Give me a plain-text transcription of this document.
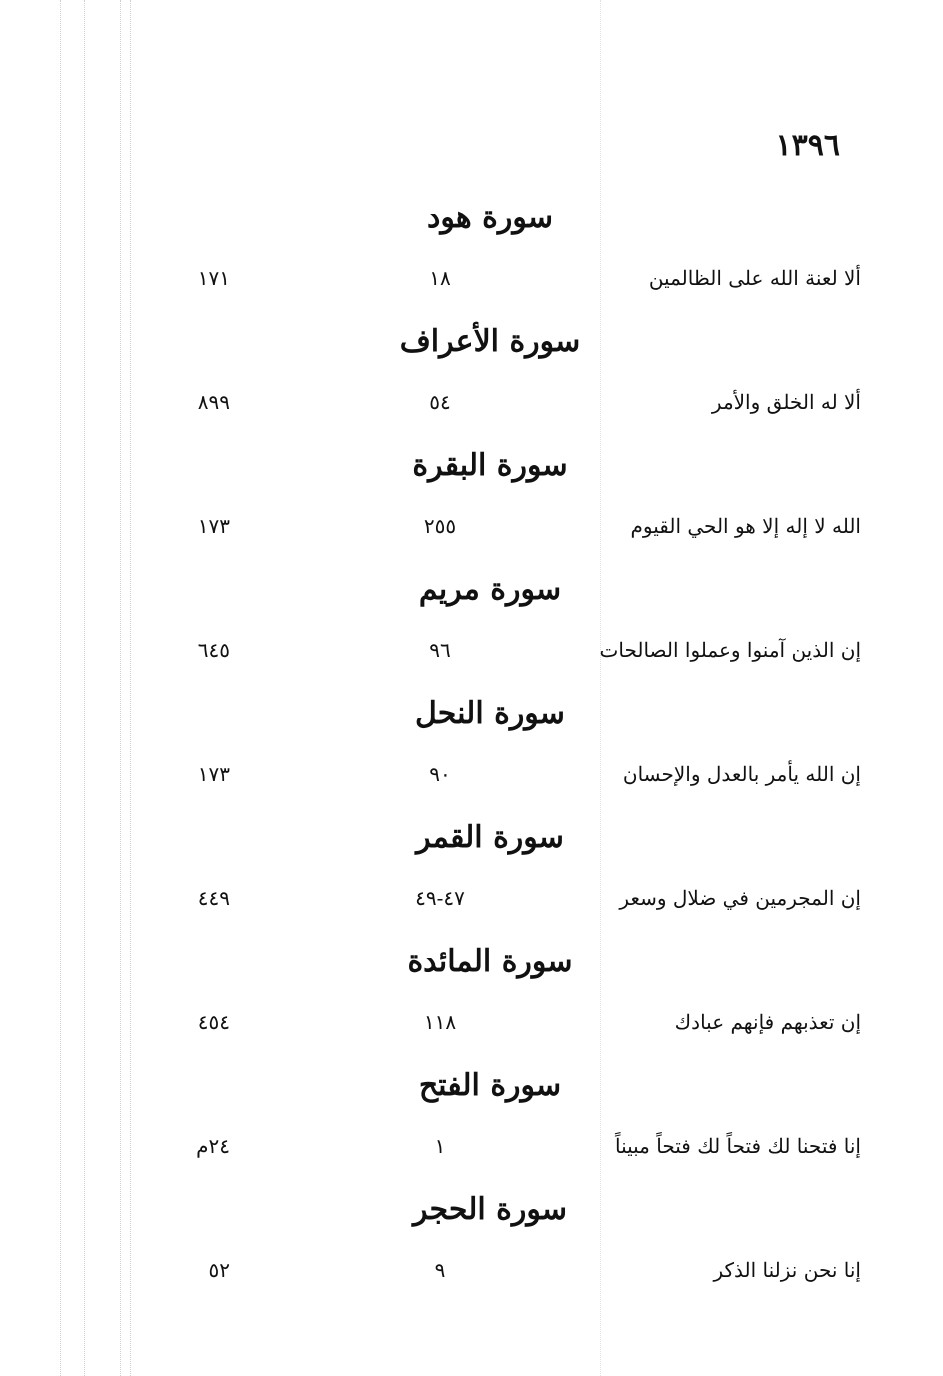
١٣٩٦
سورة هود
ألا لعنة الله على الظالمين
١٨
١٧١
سورة الأعراف
ألا له الخلق والأمر
٥٤
٨٩٩
سورة البقرة
الله لا إله إلا هو الحي القيوم
٢٥٥
١٧٣
سورة مريم
إن الذين آمنوا وعملوا الصالحات
٩٦
٦٤٥
سورة النحل
إن الله يأمر بالعدل والإحسان
٩٠
١٧٣
سورة القمر
إن المجرمين في ضلال وسعر
٤٧-٤٩
٤٤٩
سورة المائدة
إن تعذبهم فإنهم عبادك
١١٨
٤٥٤
سورة الفتح
إنا فتحنا لك فتحاً لك فتحاً مبيناً
١
٢٤م
سورة الحجر
إنا نحن نزلنا الذكر
٩
٥٢
